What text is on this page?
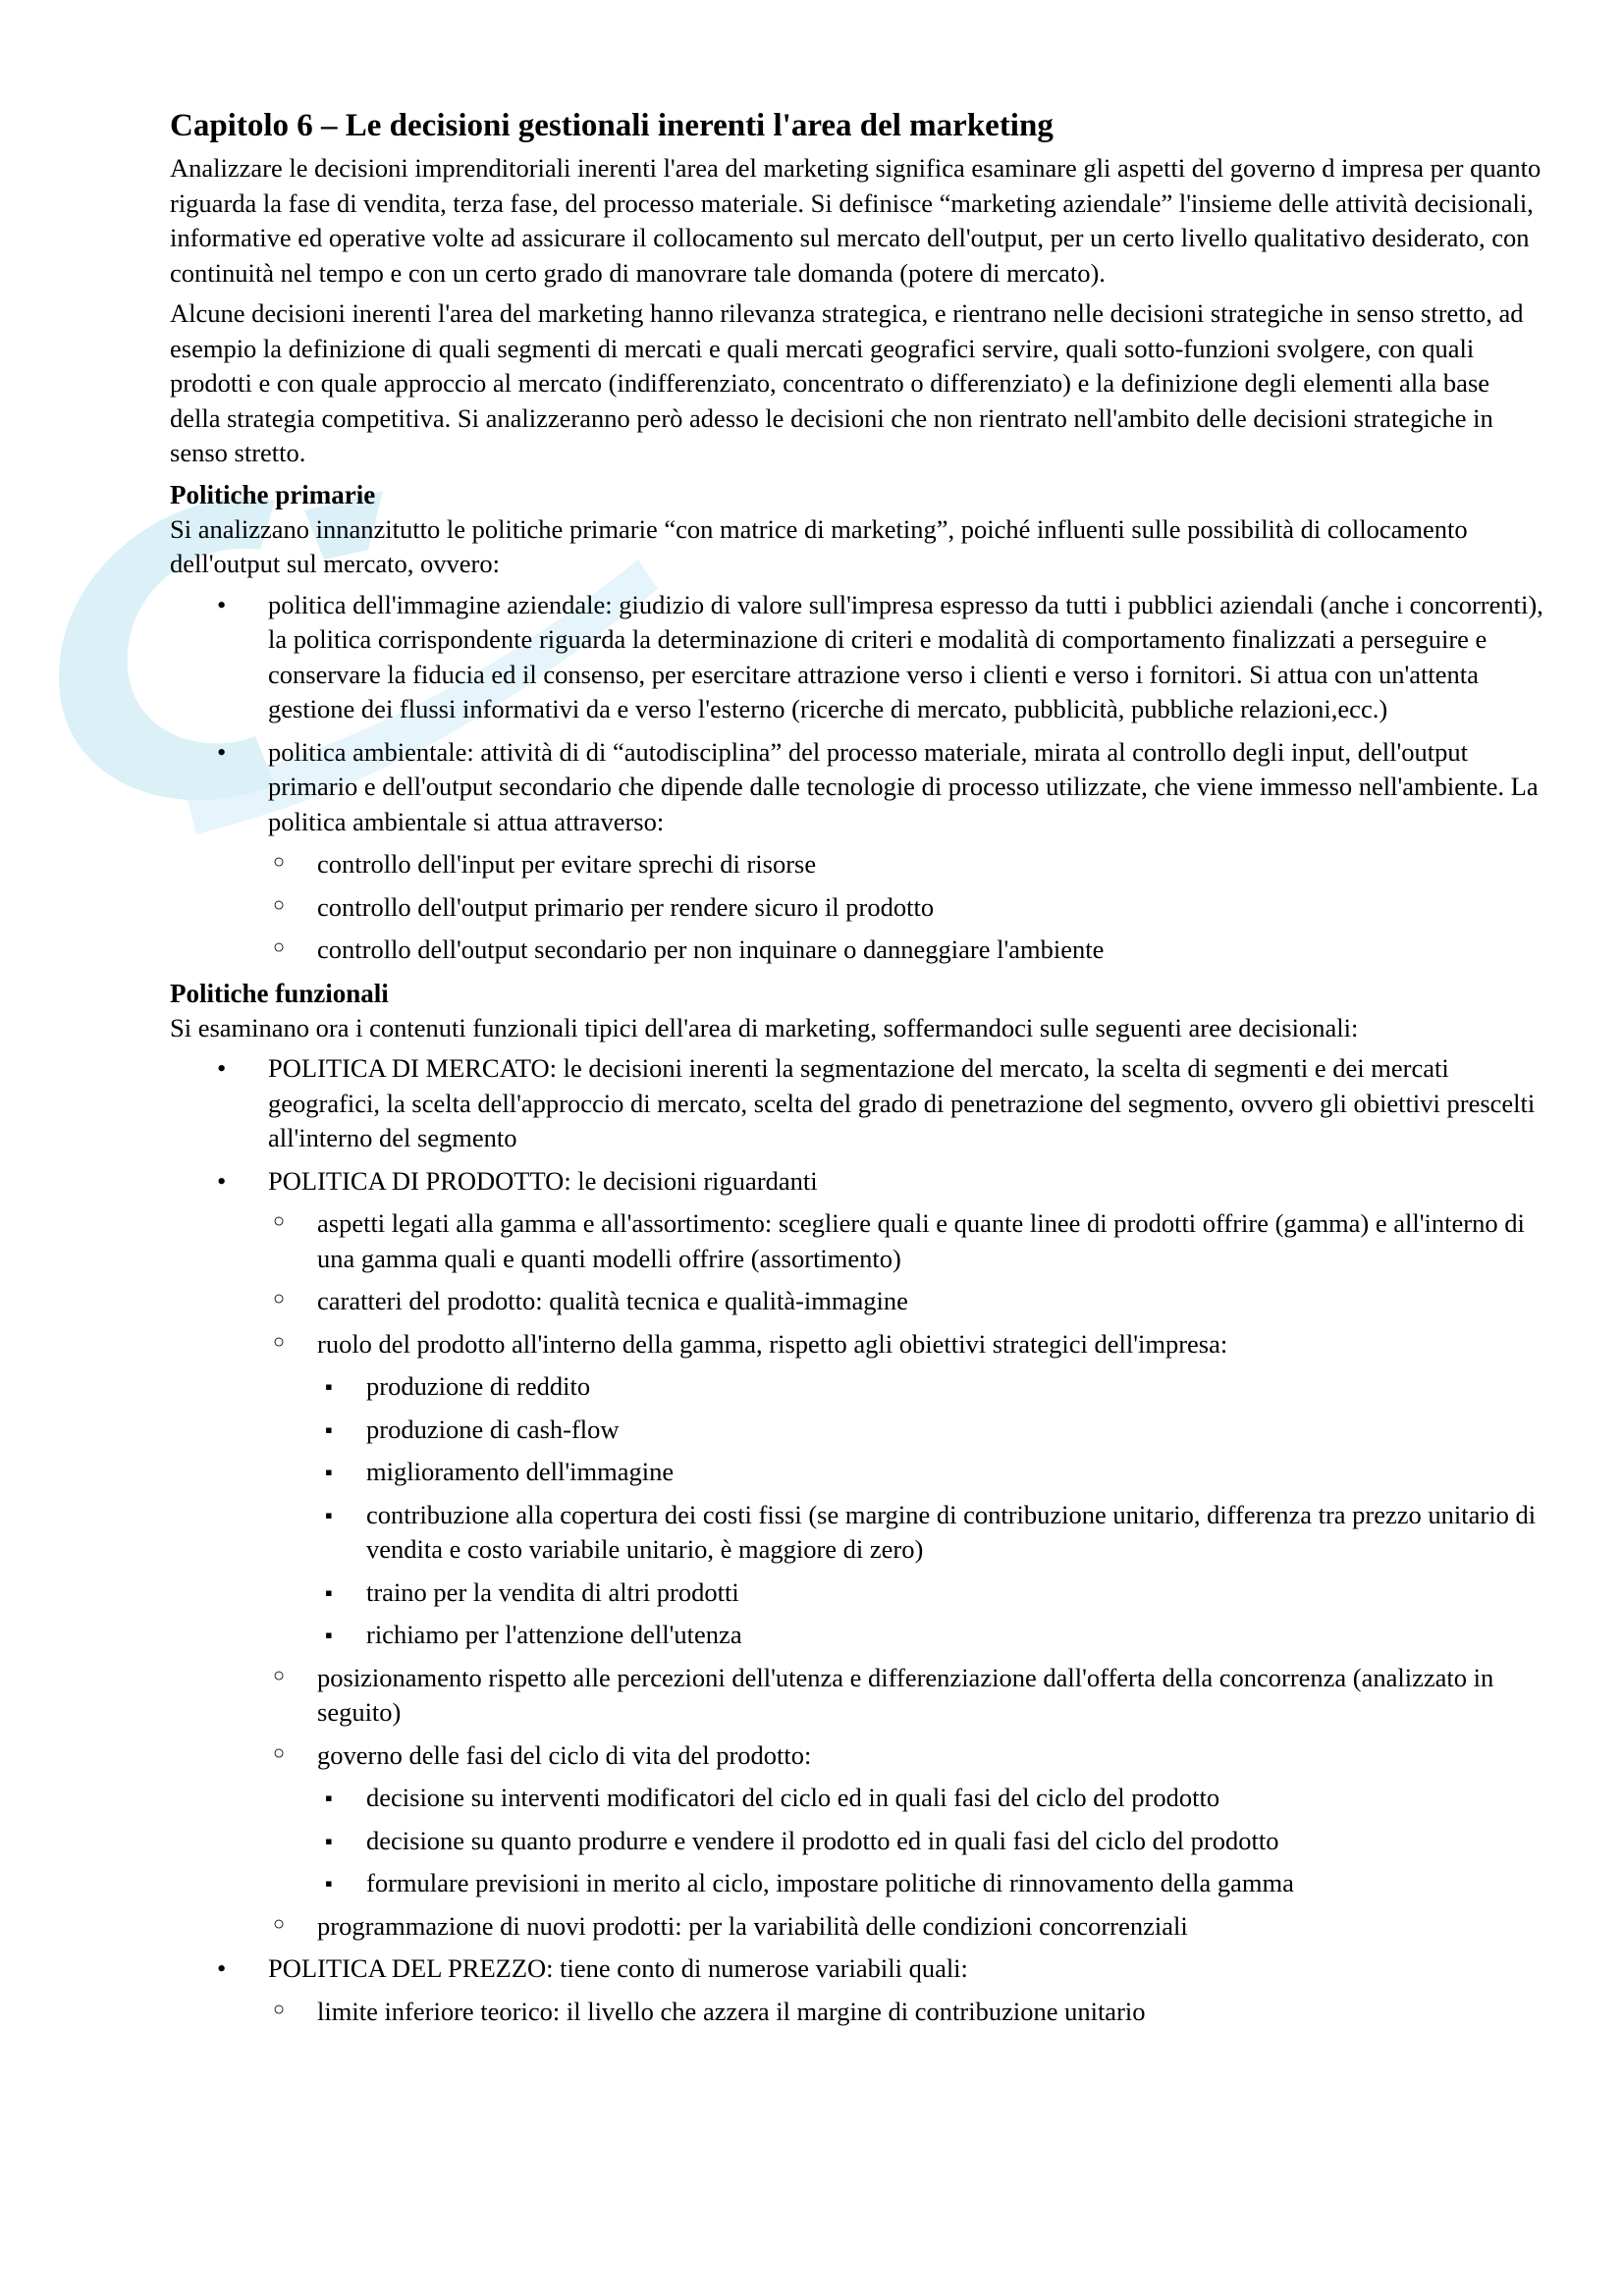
Capitolo 6 – Le decisioni gestionali inerenti l'area del marketing

Analizzare le decisioni imprenditoriali inerenti l'area del marketing significa esaminare gli aspetti del governo d impresa per quanto riguarda la fase di vendita, terza fase, del processo materiale. Si definisce “marketing aziendale” l'insieme delle attività decisionali, informative ed operative volte ad assicurare il collocamento sul mercato dell'output, per un certo livello qualitativo desiderato, con continuità nel tempo e con un certo grado di manovrare tale domanda (potere di mercato).

Alcune decisioni inerenti l'area del marketing hanno rilevanza strategica, e rientrano nelle decisioni strategiche in senso stretto, ad esempio la definizione di quali segmenti di mercati e quali mercati geografici servire, quali sotto-funzioni svolgere, con quali prodotti e con quale approccio al mercato (indifferenziato, concentrato o differenziato) e la definizione degli elementi alla base della strategia competitiva. Si analizzeranno però adesso le decisioni che non rientrato nell'ambito delle decisioni strategiche in senso stretto.

Politiche primarie

Si analizzano innanzitutto le politiche primarie “con matrice di marketing”, poiché influenti sulle possibilità di collocamento dell'output sul mercato, ovvero:

• politica dell'immagine aziendale: giudizio di valore sull'impresa espresso da tutti i pubblici aziendali (anche i concorrenti), la politica corrispondente riguarda la determinazione di criteri e modalità di comportamento finalizzati a perseguire e conservare la fiducia ed il consenso, per esercitare attrazione verso i clienti e verso i fornitori. Si attua con un'attenta gestione dei flussi informativi da e verso l'esterno (ricerche di mercato, pubblicità, pubbliche relazioni,ecc.)
• politica ambientale: attività di di “autodisciplina” del processo materiale, mirata al controllo degli input, dell'output primario e dell'output secondario che dipende dalle tecnologie di processo utilizzate, che viene immesso nell'ambiente. La politica ambientale si attua attraverso:
○ controllo dell'input per evitare sprechi di risorse
○ controllo dell'output primario per rendere sicuro il prodotto
○ controllo dell'output secondario per non inquinare o danneggiare l'ambiente
Politiche funzionali

Si esaminano ora i contenuti funzionali tipici dell'area di marketing, soffermandoci sulle seguenti aree decisionali:

• POLITICA DI MERCATO: le decisioni inerenti la segmentazione del mercato, la scelta di segmenti e dei mercati geografici, la scelta dell'approccio di mercato, scelta del grado di penetrazione del segmento, ovvero gli obiettivi prescelti all'interno del segmento
• POLITICA DI PRODOTTO: le decisioni riguardanti
○ aspetti legati alla gamma e all'assortimento: scegliere quali e quante linee di prodotti offrire (gamma) e all'interno di una gamma quali e quanti modelli offrire (assortimento)
○ caratteri del prodotto: qualità tecnica e qualità-immagine
○ ruolo del prodotto all'interno della gamma, rispetto agli obiettivi strategici dell'impresa:
▪ produzione di reddito
▪ produzione di cash-flow
▪ miglioramento dell'immagine
▪ contribuzione alla copertura dei costi fissi (se margine di contribuzione unitario, differenza tra prezzo unitario di vendita e costo variabile unitario, è maggiore di zero)
▪ traino per la vendita di altri prodotti
▪ richiamo per l'attenzione dell'utenza
○ posizionamento rispetto alle percezioni dell'utenza e differenziazione dall'offerta della concorrenza (analizzato in seguito)
○ governo delle fasi del ciclo di vita del prodotto:
▪ decisione su interventi modificatori del ciclo ed in quali fasi del ciclo del prodotto
▪ decisione su quanto produrre e vendere il prodotto ed in quali fasi del ciclo del prodotto
▪ formulare previsioni in merito al ciclo, impostare politiche di rinnovamento della gamma
○ programmazione di nuovi prodotti: per la variabilità delle condizioni concorrenziali
• POLITICA DEL PREZZO: tiene conto di numerose variabili quali:
○ limite inferiore teorico: il livello che azzera il margine di contribuzione unitario
